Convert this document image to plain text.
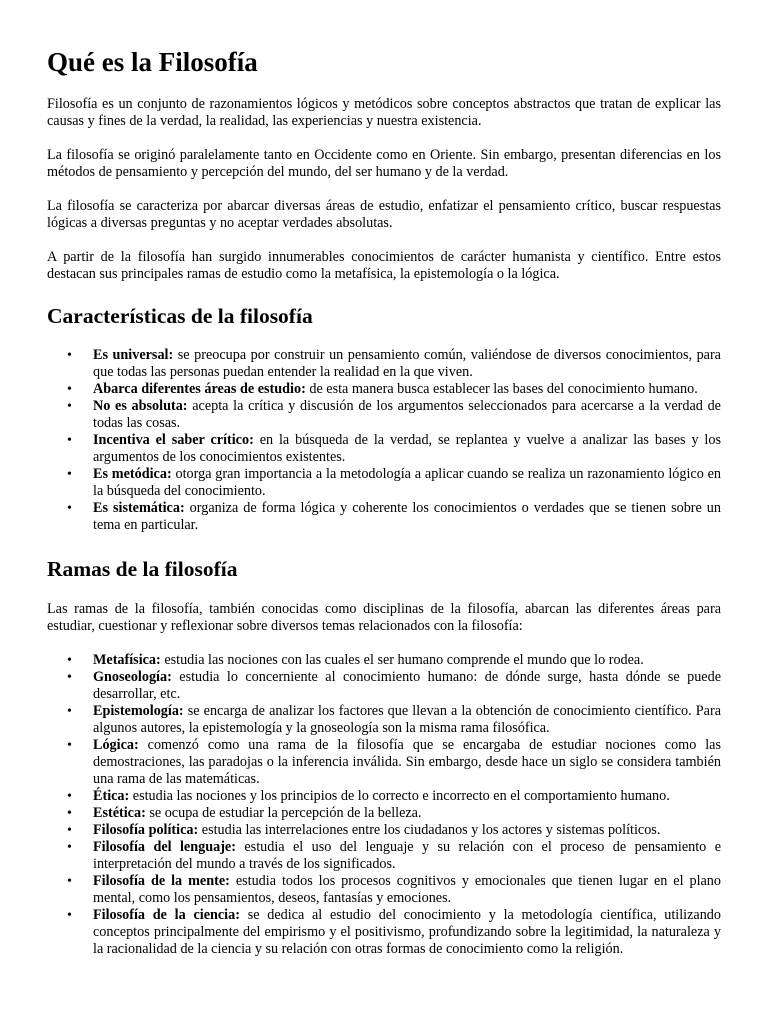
Qué es la Filosofía

Filosofía es un conjunto de razonamientos lógicos y metódicos sobre conceptos abstractos que tratan de explicar las causas y fines de la verdad, la realidad, las experiencias y nuestra existencia.

La filosofía se originó paralelamente tanto en Occidente como en Oriente. Sin embargo, presentan diferencias en los métodos de pensamiento y percepción del mundo, del ser humano y de la verdad.

La filosofía se caracteriza por abarcar diversas áreas de estudio, enfatizar el pensamiento crítico, buscar respuestas lógicas a diversas preguntas y no aceptar verdades absolutas.

A partir de la filosofía han surgido innumerables conocimientos de carácter humanista y científico. Entre estos destacan sus principales ramas de estudio como la metafísica, la epistemología o la lógica.

Características de la filosofía
• Es universal: se preocupa por construir un pensamiento común, valiéndose de diversos conocimientos, para que todas las personas puedan entender la realidad en la que viven.
• Abarca diferentes áreas de estudio: de esta manera busca establecer las bases del conocimiento humano.
• No es absoluta: acepta la crítica y discusión de los argumentos seleccionados para acercarse a la verdad de todas las cosas.
• Incentiva el saber crítico: en la búsqueda de la verdad, se replantea y vuelve a analizar las bases y los argumentos de los conocimientos existentes.
• Es metódica: otorga gran importancia a la metodología a aplicar cuando se realiza un razonamiento lógico en la búsqueda del conocimiento.
• Es sistemática: organiza de forma lógica y coherente los conocimientos o verdades que se tienen sobre un tema en particular.
Ramas de la filosofía

Las ramas de la filosofía, también conocidas como disciplinas de la filosofía, abarcan las diferentes áreas para estudiar, cuestionar y reflexionar sobre diversos temas relacionados con la filosofía:

• Metafísica: estudia las nociones con las cuales el ser humano comprende el mundo que lo rodea.
• Gnoseología: estudia lo concerniente al conocimiento humano: de dónde surge, hasta dónde se puede desarrollar, etc.
• Epistemología: se encarga de analizar los factores que llevan a la obtención de conocimiento científico. Para algunos autores, la epistemología y la gnoseología son la misma rama filosófica.
• Lógica: comenzó como una rama de la filosofía que se encargaba de estudiar nociones como las demostraciones, las paradojas o la inferencia inválida. Sin embargo, desde hace un siglo se considera también una rama de las matemáticas.
• Ética: estudia las nociones y los principios de lo correcto e incorrecto en el comportamiento humano.
• Estética: se ocupa de estudiar la percepción de la belleza.
• Filosofía política: estudia las interrelaciones entre los ciudadanos y los actores y sistemas políticos.
• Filosofía del lenguaje: estudia el uso del lenguaje y su relación con el proceso de pensamiento e interpretación del mundo a través de los significados.
• Filosofía de la mente: estudia todos los procesos cognitivos y emocionales que tienen lugar en el plano mental, como los pensamientos, deseos, fantasías y emociones.
• Filosofía de la ciencia: se dedica al estudio del conocimiento y la metodología científica, utilizando conceptos principalmente del empirismo y el positivismo, profundizando sobre la legitimidad, la naturaleza y la racionalidad de la ciencia y su relación con otras formas de conocimiento como la religión.
